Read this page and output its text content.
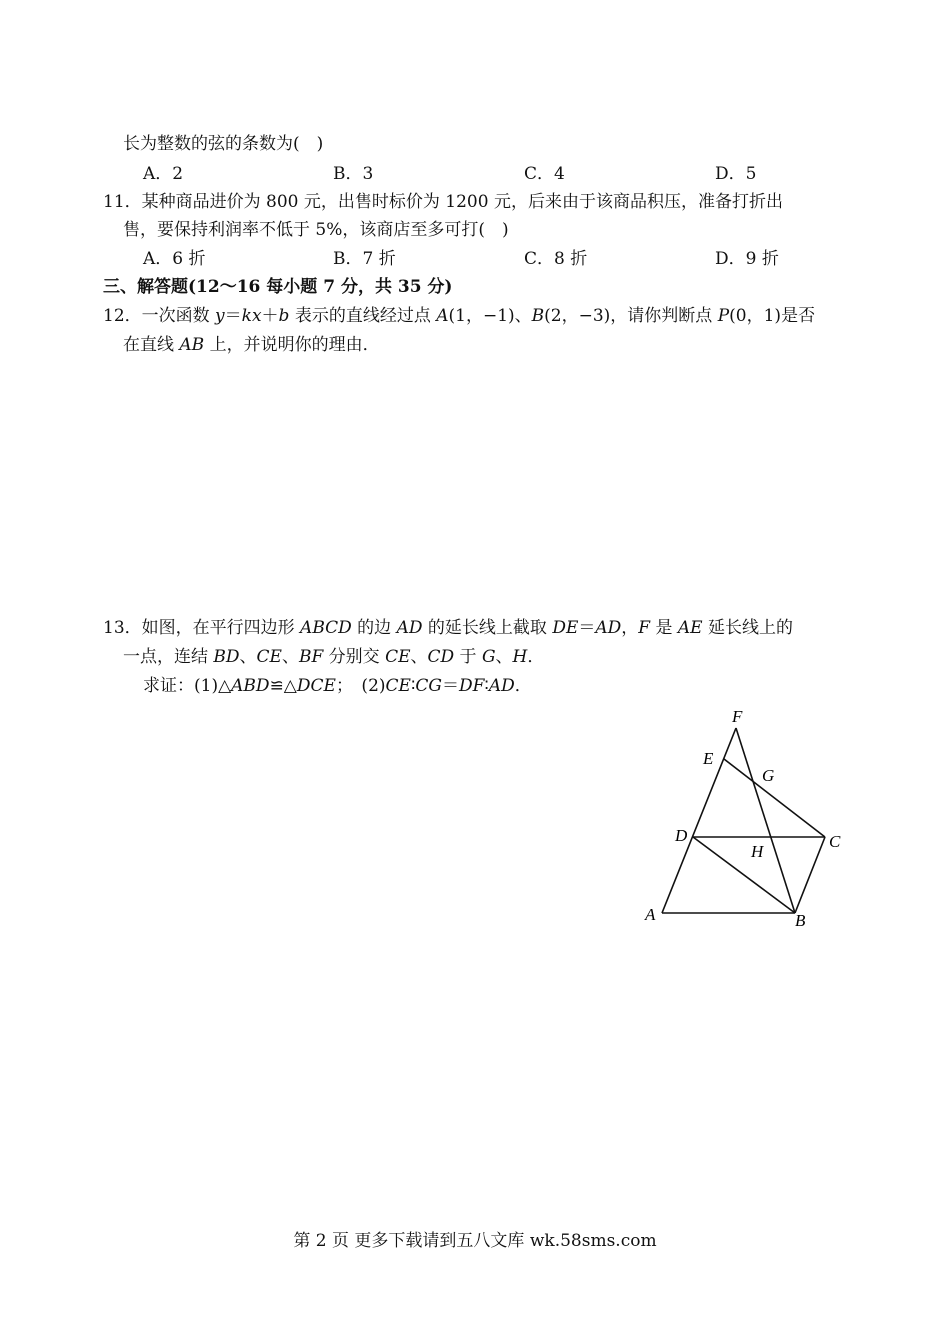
长为整数的弦的条数为(　)
A．2	B．3	C．4	D．5
11．某种商品进价为 800 元，出售时标价为 1200 元，后来由于该商品积压，准备打折出
售，要保持利润率不低于 5%，该商店至多可打(　)
A．6 折	B．7 折	C．8 折	D．9 折
三、解答题(12～16 每小题 7 分，共 35 分)
12．一次函数 y＝kx＋b 表示的直线经过点 A(1，−1)、B(2，−3)，请你判断点 P(0，1)是否
在直线 AB 上，并说明你的理由．
13．如图，在平行四边形 ABCD 的边 AD 的延长线上截取 DE＝AD，F 是 AE 延长线上的
一点，连结 BD、CE、BF 分别交 CE、CD 于 G、H．
求证：(1)△ABD≌△DCE；　(2)CE∶CG＝DF∶AD．
F
E
G
D	C
H
A	B
第 2 页 更多下载请到五八文库 wk.58sms.com
